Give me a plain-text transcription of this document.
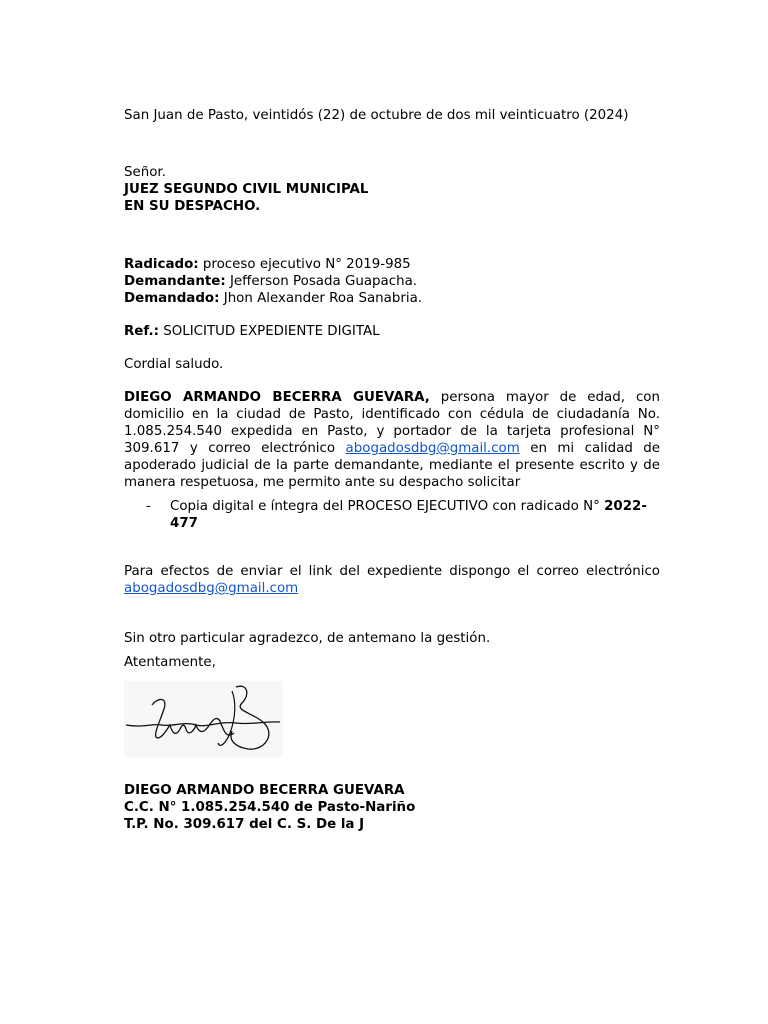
San Juan de Pasto, veintidós (22) de octubre de dos mil veinticuatro (2024)

Señor.

JUEZ SEGUNDO CIVIL MUNICIPAL

EN SU DESPACHO.

Radicado: proceso ejecutivo N° 2019-985

Demandante: Jefferson Posada Guapacha.

Demandado: Jhon Alexander Roa Sanabria.

Ref.: SOLICITUD EXPEDIENTE DIGITAL

Cordial saludo.

DIEGO ARMANDO BECERRA GUEVARA, persona mayor de edad, con domicilio en la ciudad de Pasto, identificado con cédula de ciudadanía No. 1.085.254.540 expedida en Pasto, y portador de la tarjeta profesional N° 309.617 y correo electrónico abogadosdbg@gmail.com en mi calidad de apoderado judicial de la parte demandante, mediante el presente escrito y de manera respetuosa, me permito ante su despacho solicitar

- Copia digital e íntegra del PROCESO EJECUTIVO con radicado N° 2022-477

Para efectos de enviar el link del expediente dispongo el correo electrónico abogadosdbg@gmail.com

Sin otro particular agradezco, de antemano la gestión.

Atentamente,

DIEGO ARMANDO BECERRA GUEVARA

C.C. N° 1.085.254.540 de Pasto-Nariño

T.P. No. 309.617 del C. S. De la J
